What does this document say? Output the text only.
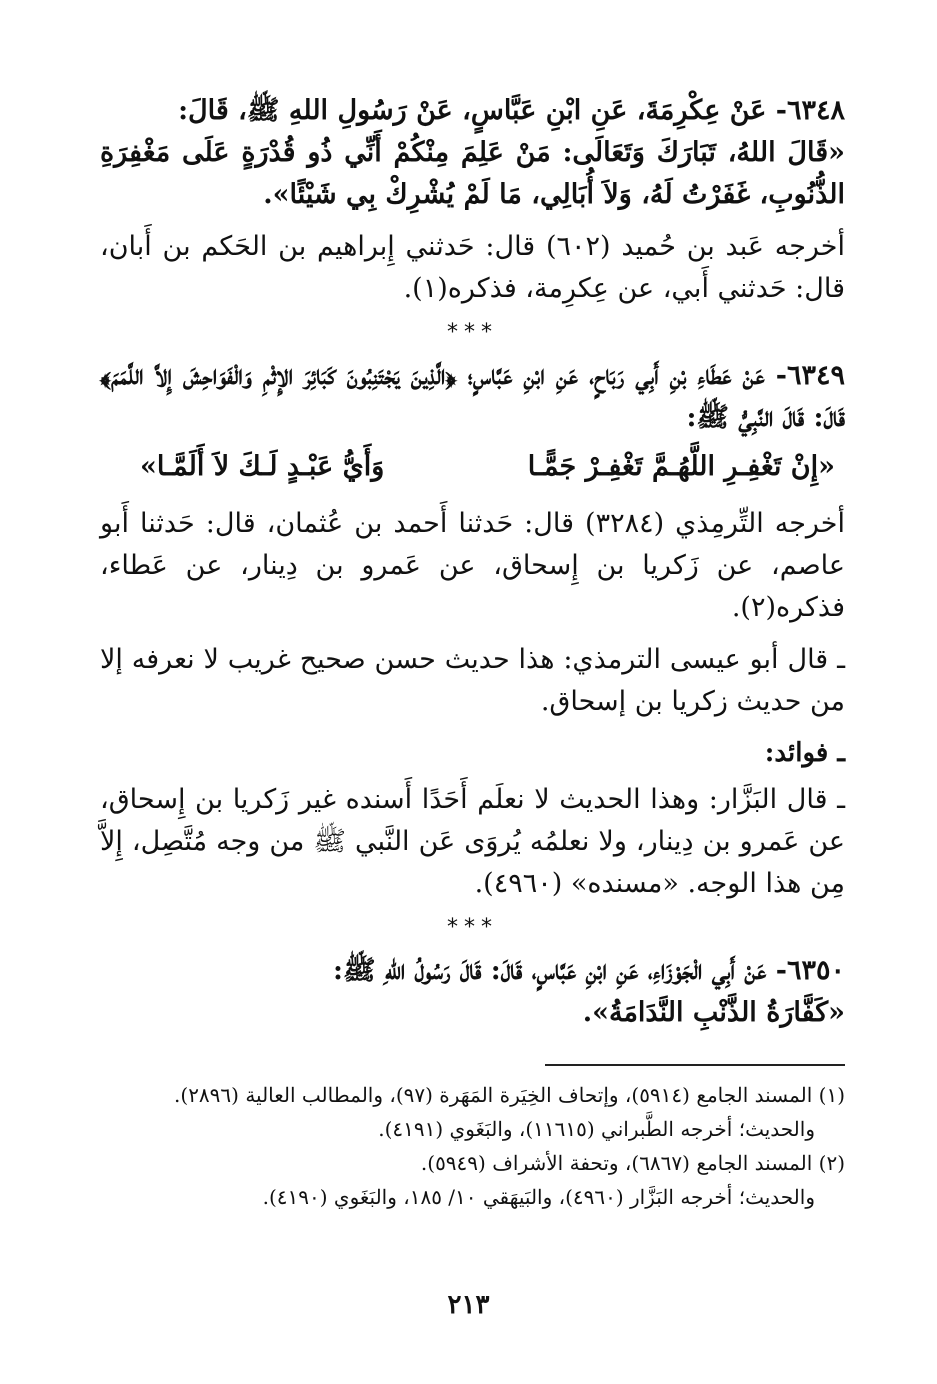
٦٣٤٨- عَنْ عِكْرِمَةَ، عَنِ ابْنِ عَبَّاسٍ، عَنْ رَسُولِ اللهِ ﷺ، قَالَ:

«قَالَ اللهُ، تَبَارَكَ وَتَعَالَى: مَنْ عَلِمَ مِنْكُمْ أَنِّي ذُو قُدْرَةٍ عَلَى مَغْفِرَةِ الذُّنُوبِ، غَفَرْتُ لَهُ، وَلاَ أُبَالِي، مَا لَمْ يُشْرِكْ بِي شَيْئًا».

أخرجه عَبد بن حُميد (٦٠٢) قال: حَدثني إِبراهيم بن الحَكم بن أَبان، قال: حَدثني أَبي، عن عِكرِمة، فذكره(١).

***

٦٣٤٩- عَنْ عَطَاءِ بْنِ أَبِي رَبَاحٍ، عَنِ ابْنِ عَبَّاسٍ؛ ﴿الَّذِينَ يَجْتَنِبُونَ كَبَائِرَ الإِثْمِ وَالْفَوَاحِشَ إِلاَّ اللَّمَمَ﴾ قَالَ: قَالَ النَّبِيُّ ﷺ:

«إِنْ تَغْفِـرِ اللَّهُـمَّ تَغْفِـرْ جَمًّـا
وَأَيُّ عَبْـدٍ لَـكَ لاَ أَلَمَّـا»

أخرجه التِّرمِذي (٣٢٨٤) قال: حَدثنا أَحمد بن عُثمان، قال: حَدثنا أَبو عاصم، عن زَكريا بن إِسحاق، عن عَمرو بن دِينار، عن عَطاء، فذكره(٢).

ـ قال أبو عيسى الترمذي: هذا حديث حسن صحيح غريب لا نعرفه إلا من حديث زكريا بن إسحاق.

ـ فوائد:

ـ قال البَزَّار: وهذا الحديث لا نعلَم أَحَدًا أَسنده غير زَكريا بن إِسحاق، عن عَمرو بن دِينار، ولا نعلمُه يُروَى عَن النَّبي ﷺ من وجه مُتَّصِل، إِلاَّ مِن هذا الوجه. «مسنده» (٤٩٦٠).

***

٦٣٥٠- عَنْ أَبِي الْجَوْزَاءِ، عَنِ ابْنِ عَبَّاسٍ، قَالَ: قَالَ رَسُولُ اللهِ ﷺ:

«كَفَّارَةُ الذَّنْبِ النَّدَامَةُ».

(١) المسند الجامع (٥٩١٤)، وإتحاف الخِيَرة المَهَرة (٩٧)، والمطالب العالية (٢٨٩٦).

والحديث؛ أخرجه الطَّبراني (١١٦١٥)، والبَغَوي (٤١٩١).

(٢) المسند الجامع (٦٨٦٧)، وتحفة الأشراف (٥٩٤٩).

والحديث؛ أخرجه البَزَّار (٤٩٦٠)، والبَيهَقي ١٠/ ١٨٥، والبَغَوي (٤١٩٠).

٢١٣
